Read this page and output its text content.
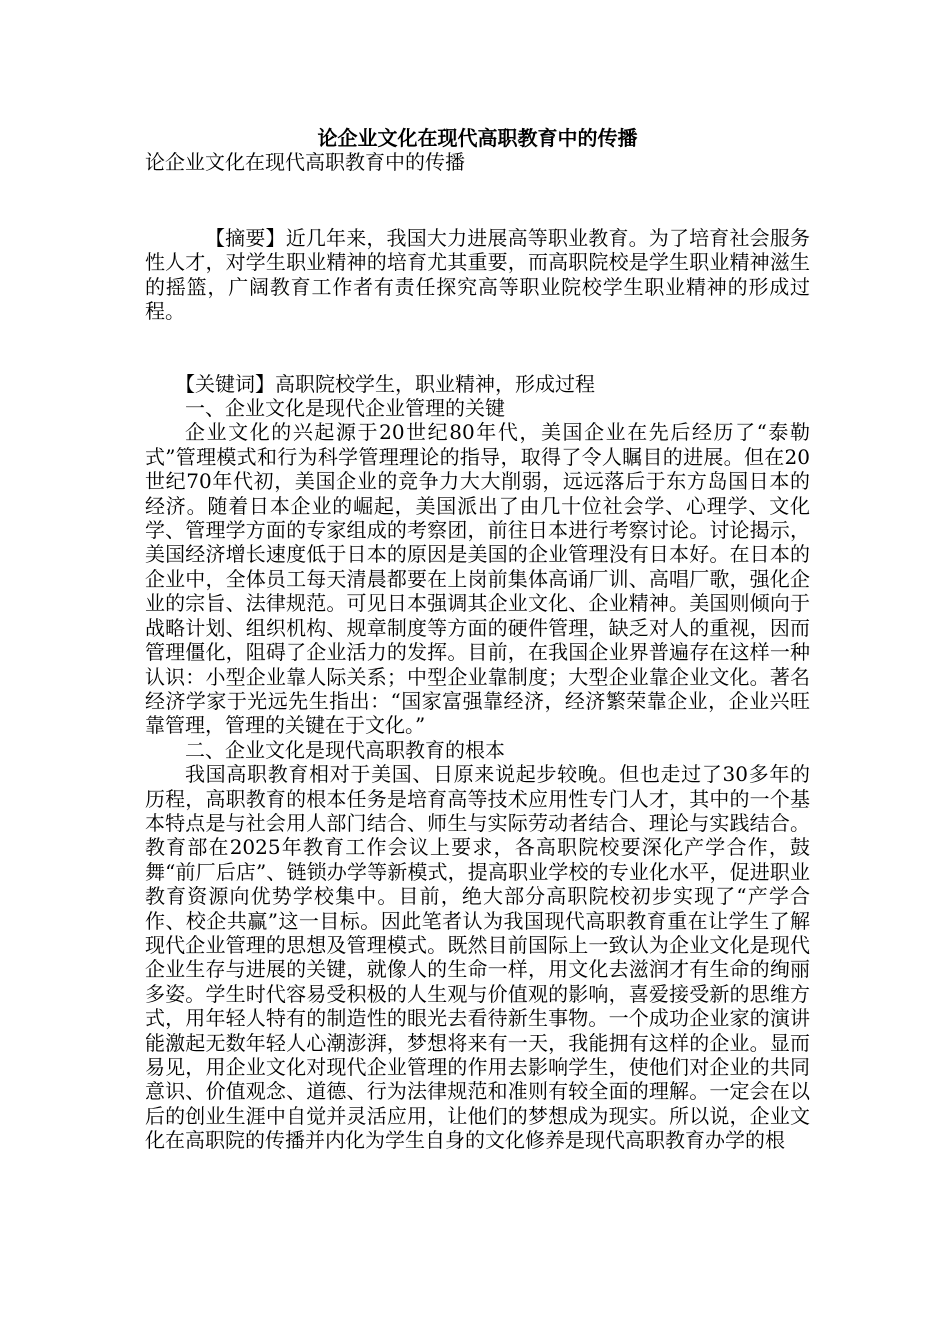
论企业文化在现代高职教育中的传播

论企业文化在现代高职教育中的传播

【摘要】近几年来，我国大力进展高等职业教育。为了培育社会服务性人才，对学生职业精神的培育尤其重要，而高职院校是学生职业精神滋生的摇篮，广阔教育工作者有责任探究高等职业院校学生职业精神的形成过程。

【关键词】高职院校学生，职业精神，形成过程

一、企业文化是现代企业管理的关键

企业文化的兴起源于20世纪80年代，美国企业在先后经历了“泰勒式”管理模式和行为科学管理理论的指导，取得了令人瞩目的进展。但在20世纪70年代初，美国企业的竞争力大大削弱，远远落后于东方岛国日本的经济。随着日本企业的崛起，美国派出了由几十位社会学、心理学、文化学、管理学方面的专家组成的考察团，前往日本进行考察讨论。讨论揭示，美国经济增长速度低于日本的原因是美国的企业管理没有日本好。在日本的企业中，全体员工每天清晨都要在上岗前集体高诵厂训、高唱厂歌，强化企业的宗旨、法律规范。可见日本强调其企业文化、企业精神。美国则倾向于战略计划、组织机构、规章制度等方面的硬件管理，缺乏对人的重视，因而管理僵化，阻碍了企业活力的发挥。目前，在我国企业界普遍存在这样一种认识：小型企业靠人际关系；中型企业靠制度；大型企业靠企业文化。著名经济学家于光远先生指出：“国家富强靠经济，经济繁荣靠企业，企业兴旺靠管理，管理的关键在于文化。”

二、企业文化是现代高职教育的根本

我国高职教育相对于美国、日原来说起步较晚。但也走过了30多年的历程，高职教育的根本任务是培育高等技术应用性专门人才，其中的一个基本特点是与社会用人部门结合、师生与实际劳动者结合、理论与实践结合。教育部在2025年教育工作会议上要求，各高职院校要深化产学合作，鼓舞“前厂后店”、链锁办学等新模式，提高职业学校的专业化水平，促进职业教育资源向优势学校集中。目前，绝大部分高职院校初步实现了“产学合作、校企共赢”这一目标。因此笔者认为我国现代高职教育重在让学生了解现代企业管理的思想及管理模式。既然目前国际上一致认为企业文化是现代企业生存与进展的关键，就像人的生命一样，用文化去滋润才有生命的绚丽多姿。学生时代容易受积极的人生观与价值观的影响，喜爱接受新的思维方式，用年轻人特有的制造性的眼光去看待新生事物。一个成功企业家的演讲能激起无数年轻人心潮澎湃，梦想将来有一天，我能拥有这样的企业。显而易见，用企业文化对现代企业管理的作用去影响学生，使他们对企业的共同意识、价值观念、道德、行为法律规范和准则有较全面的理解。一定会在以后的创业生涯中自觉并灵活应用，让他们的梦想成为现实。所以说，企业文化在高职院的传播并内化为学生自身的文化修养是现代高职教育办学的根
